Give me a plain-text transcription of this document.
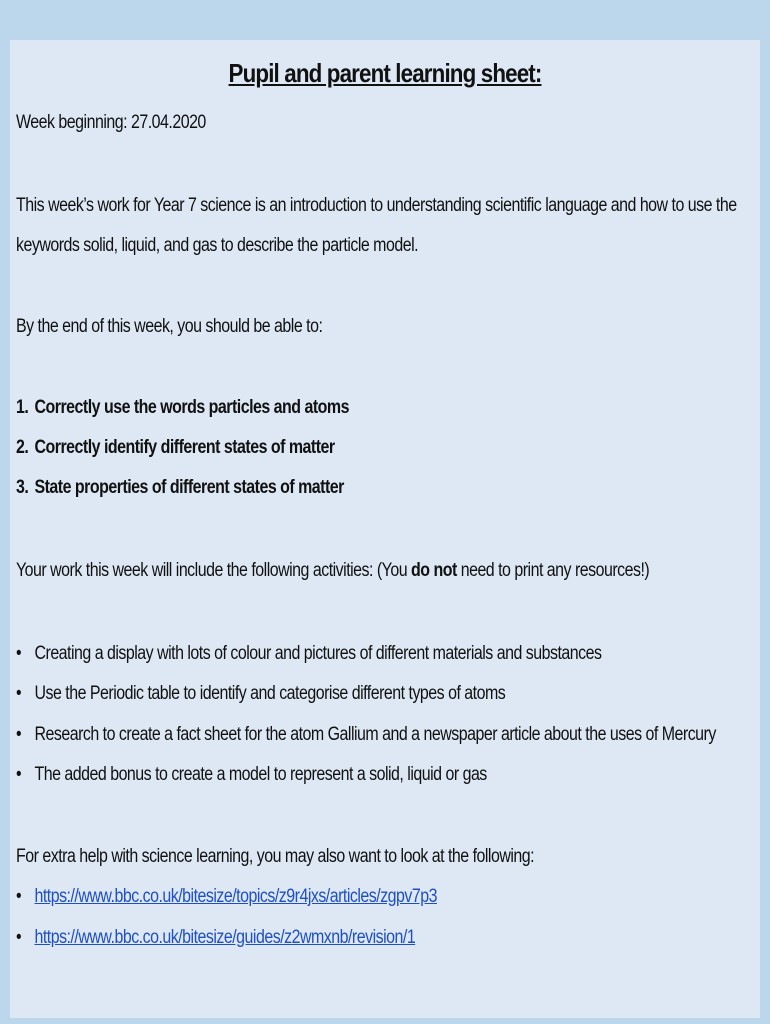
Pupil and parent learning sheet:
Week beginning: 27.04.2020
This week’s work for Year 7 science is an introduction to understanding scientific language and how to use the keywords solid, liquid, and gas to describe the particle model.
By the end of this week, you should be able to:
1. Correctly use the words particles and atoms
2. Correctly identify different states of matter
3. State properties of different states of matter
Your work this week will include the following activities: (You do not need to print any resources!)
• Creating a display with lots of colour and pictures of different materials and substances
• Use the Periodic table to identify and categorise different types of atoms
• Research to create a fact sheet for the atom Gallium and a newspaper article about the uses of Mercury
• The added bonus to create a model to represent a solid, liquid or gas
For extra help with science learning, you may also want to look at the following:
• https://www.bbc.co.uk/bitesize/topics/z9r4jxs/articles/zgpv7p3
• https://www.bbc.co.uk/bitesize/guides/z2wmxnb/revision/1
